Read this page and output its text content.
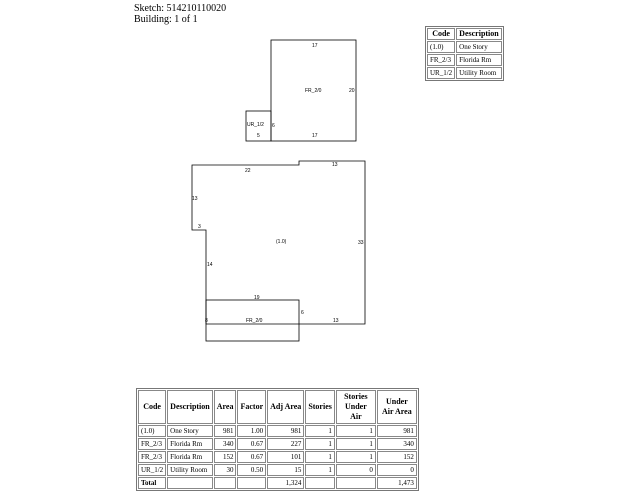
Sketch: 514210110020
Building: 1 of 1
FR_2/0
17
20
17
UR_1/2 6
5
(1.0)
22
13
13
3
14
33
FR_2/0
19
8
6
13
Code	Description
(1.0)	One Story
FR_2/3	Florida Rm
UR_1/2	Utility Room
Code	Description	Area	Factor	Adj Area	Stories	Stories Under Air	Under Air Area
(1.0)	One Story	981	1.00	981	1	1	981
FR_2/3	Florida Rm	340	0.67	227	1	1	340
FR_2/3	Florida Rm	152	0.67	101	1	1	152
UR_1/2	Utility Room	30	0.50	15	1	0	0
Total				1,324			1,473
